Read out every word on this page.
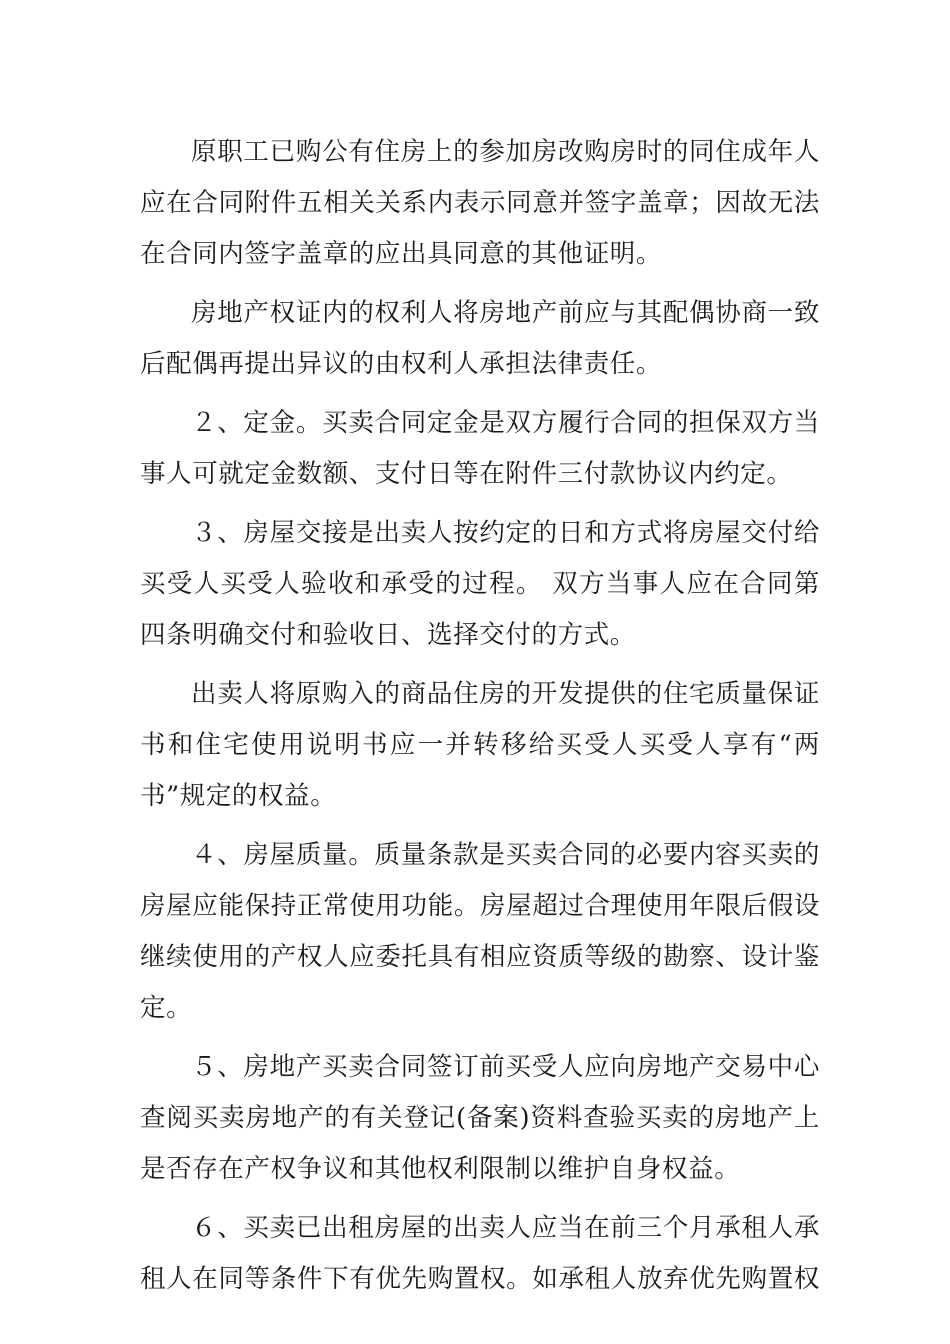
原职工已购公有住房上的参加房改购房时的同住成年人
应在合同附件五相关关系内表示同意并签字盖章；因故无法
在合同内签字盖章的应出具同意的其他证明。
房地产权证内的权利人将房地产前应与其配偶协商一致
后配偶再提出异议的由权利人承担法律责任。
２、定金。买卖合同定金是双方履行合同的担保双方当
事人可就定金数额、支付日等在附件三付款协议内约定。
３、房屋交接是出卖人按约定的日和方式将房屋交付给
买受人买受人验收和承受的过程。 双方当事人应在合同第
四条明确交付和验收日、选择交付的方式。
出卖人将原购入的商品住房的开发提供的住宅质量保证
书和住宅使用说明书应一并转移给买受人买受人享有“两
书”规定的权益。
４、房屋质量。质量条款是买卖合同的必要内容买卖的
房屋应能保持正常使用功能。房屋超过合理使用年限后假设
继续使用的产权人应委托具有相应资质等级的勘察、设计鉴
定。
５、房地产买卖合同签订前买受人应向房地产交易中心
查阅买卖房地产的有关登记(备案)资料查验买卖的房地产上
是否存在产权争议和其他权利限制以维护自身权益。
６、买卖已出租房屋的出卖人应当在前三个月承租人承
租人在同等条件下有优先购置权。如承租人放弃优先购置权
